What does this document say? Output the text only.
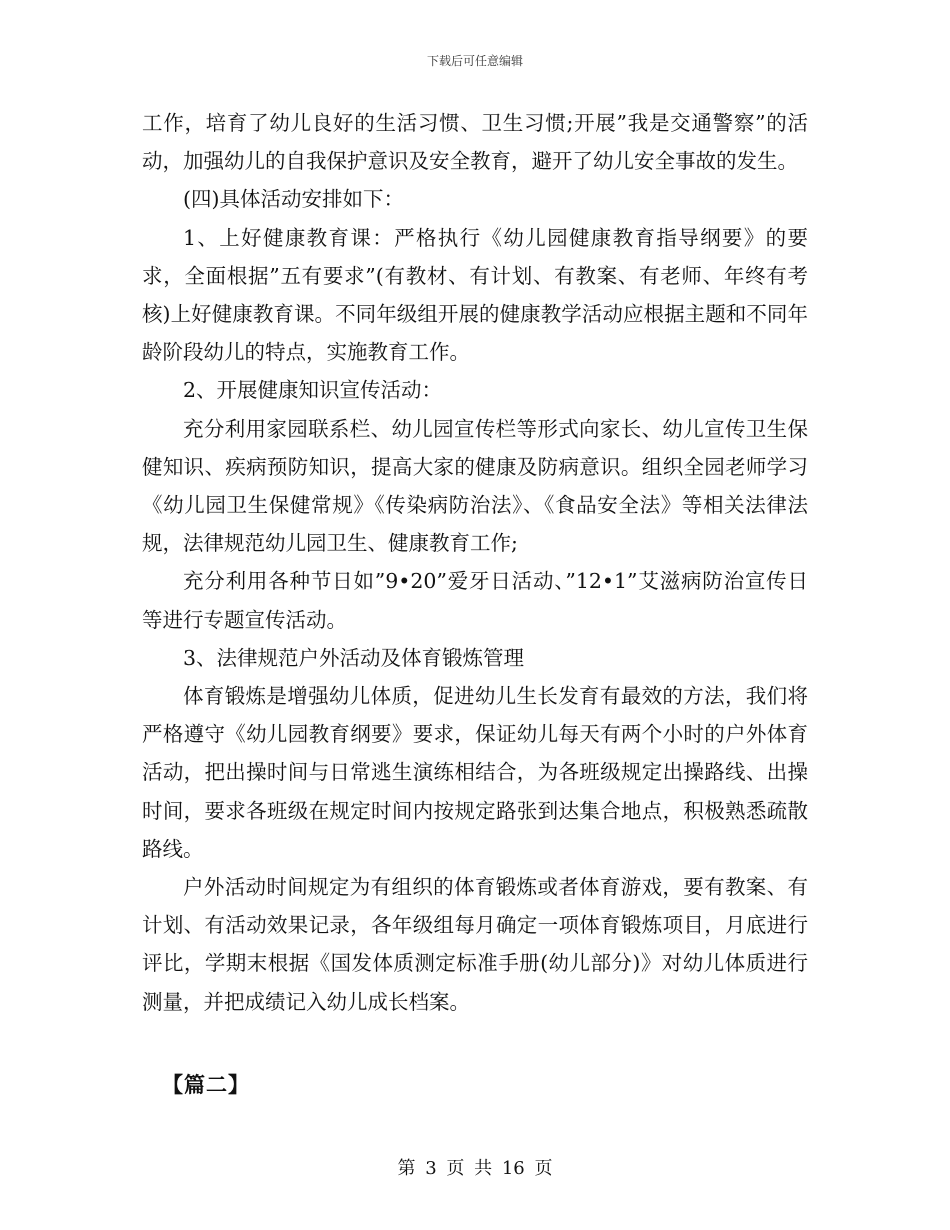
下载后可任意编辑

工作，培育了幼儿良好的生活习惯、卫生习惯;开展”我是交通警察”的活动，加强幼儿的自我保护意识及安全教育，避开了幼儿安全事故的发生。

(四)具体活动安排如下：

1、上好健康教育课：严格执行《幼儿园健康教育指导纲要》的要求，全面根据”五有要求”(有教材、有计划、有教案、有老师、年终有考核)上好健康教育课。不同年级组开展的健康教学活动应根据主题和不同年龄阶段幼儿的特点，实施教育工作。

2、开展健康知识宣传活动：

充分利用家园联系栏、幼儿园宣传栏等形式向家长、幼儿宣传卫生保健知识、疾病预防知识，提高大家的健康及防病意识。组织全园老师学习《幼儿园卫生保健常规》《传染病防治法》、《食品安全法》等相关法律法规，法律规范幼儿园卫生、健康教育工作;

充分利用各种节日如”9•20”爱牙日活动、”12•1”艾滋病防治宣传日等进行专题宣传活动。

3、法律规范户外活动及体育锻炼管理

体育锻炼是增强幼儿体质，促进幼儿生长发育有最效的方法，我们将严格遵守《幼儿园教育纲要》要求，保证幼儿每天有两个小时的户外体育活动，把出操时间与日常逃生演练相结合，为各班级规定出操路线、出操时间，要求各班级在规定时间内按规定路张到达集合地点，积极熟悉疏散路线。

户外活动时间规定为有组织的体育锻炼或者体育游戏，要有教案、有计划、有活动效果记录，各年级组每月确定一项体育锻炼项目，月底进行评比，学期末根据《国发体质测定标准手册(幼儿部分)》对幼儿体质进行测量，并把成绩记入幼儿成长档案。

【篇二】
第 3 页 共 16 页
